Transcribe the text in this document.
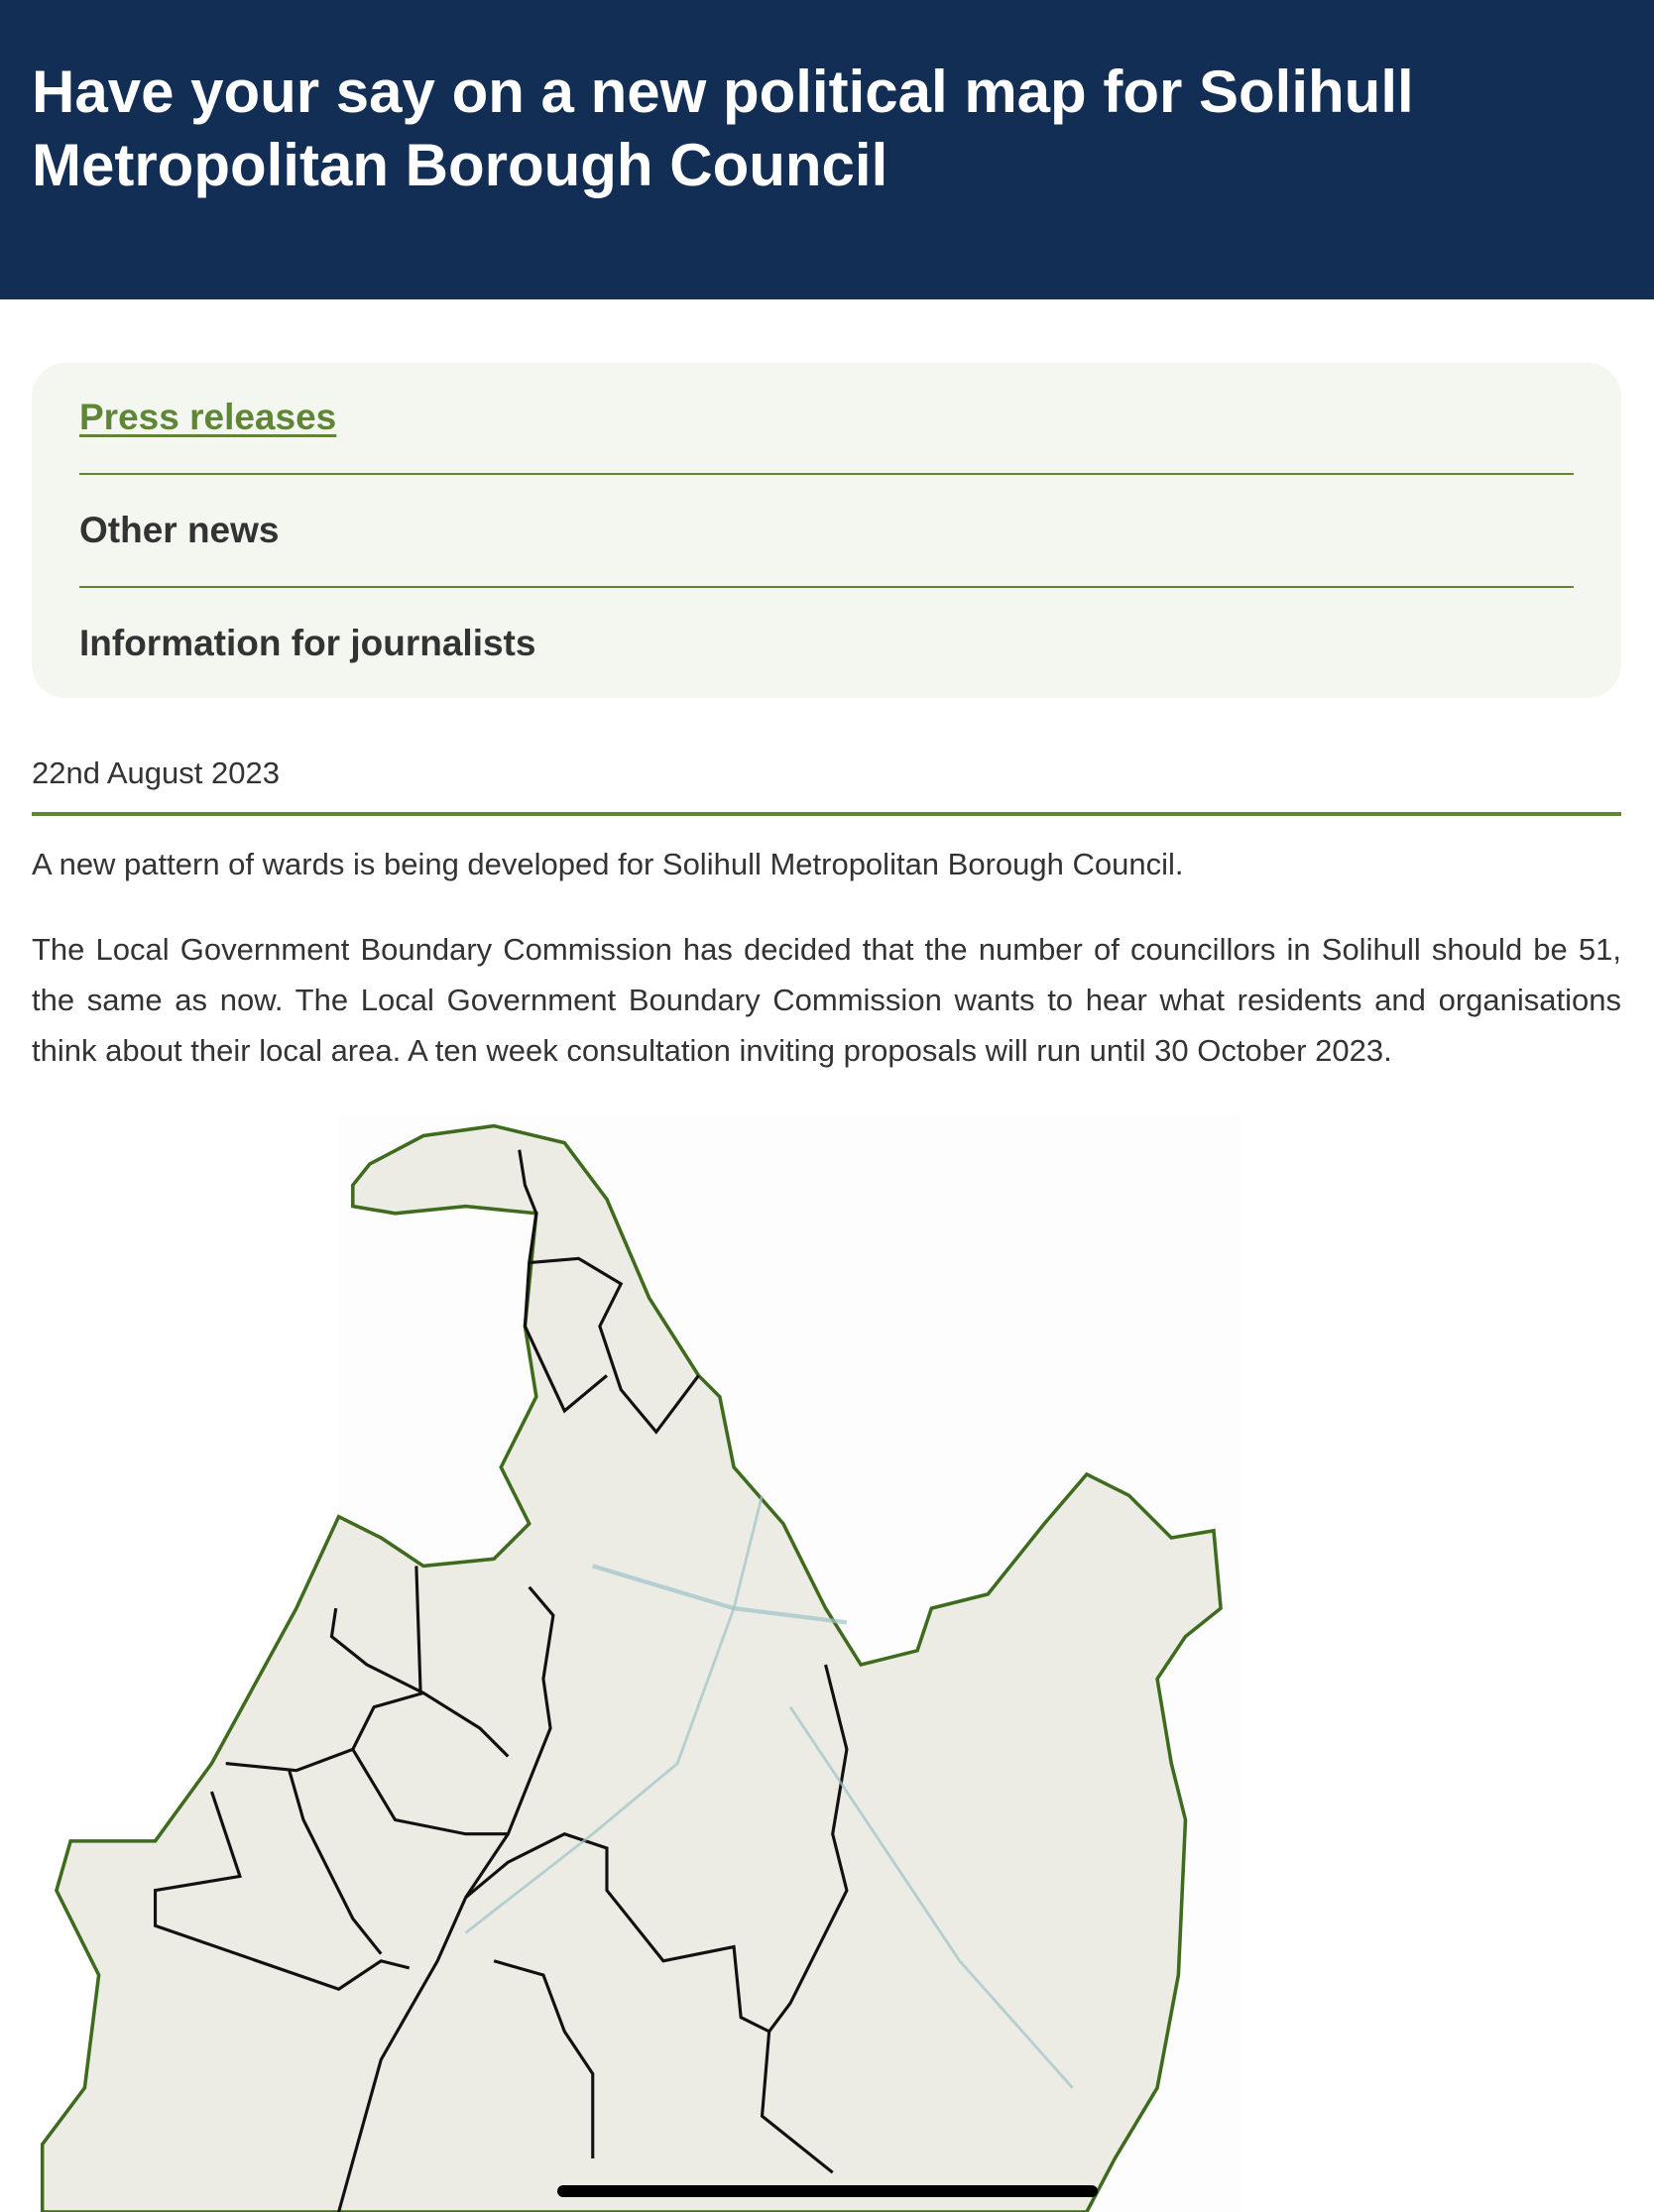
Have your say on a new political map for Solihull Metropolitan Borough Council
Press releases
Other news
Information for journalists
22nd August 2023

A new pattern of wards is being developed for Solihull Metropolitan Borough Council.

The Local Government Boundary Commission has decided that the number of councillors in Solihull should be 51, the same as now. The Local Government Boundary Commission wants to hear what residents and organisations think about their local area. A ten week consultation inviting proposals will run until 30 October 2023.
